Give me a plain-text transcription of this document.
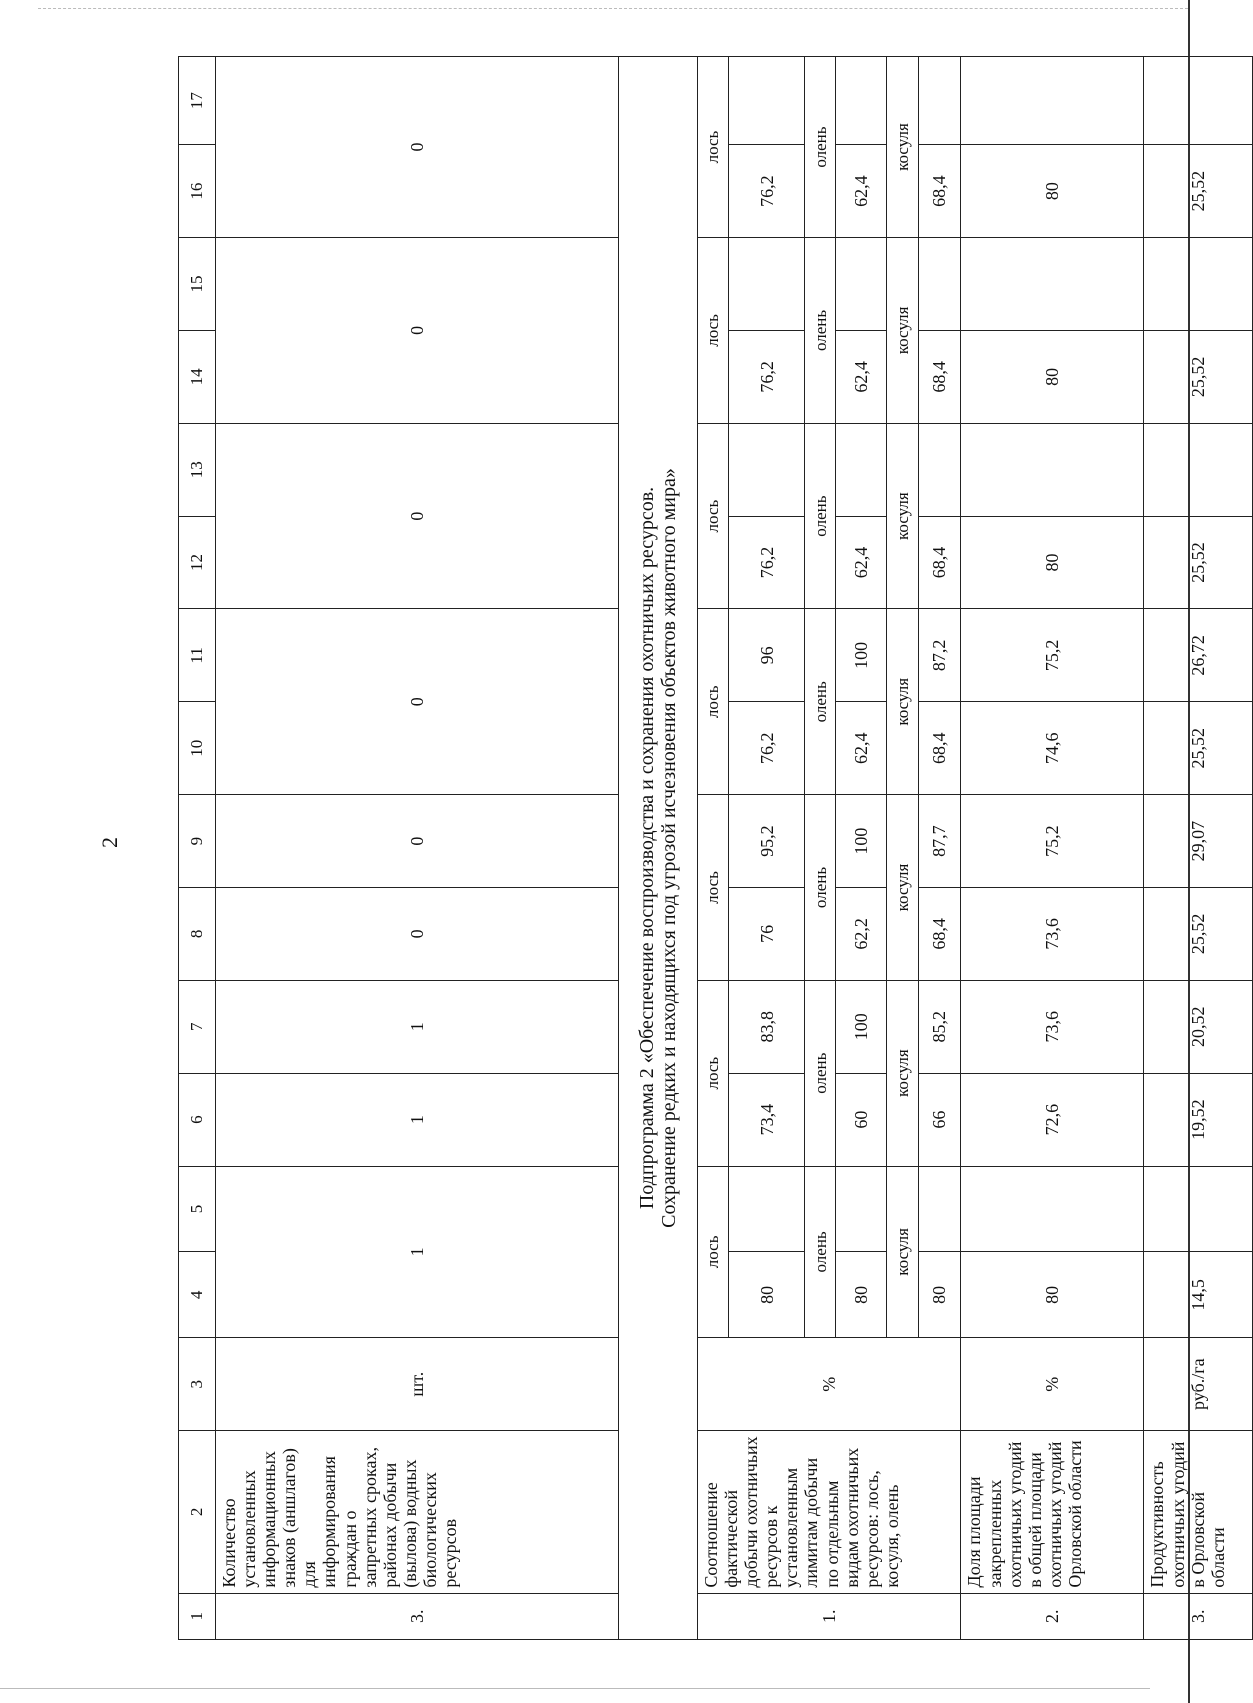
2
1	2	3	4	5	6	7	8	9	10	11	12	13	14	15	16	17
3.	Количество установленных информационных знаков (аншлагов) для информирования граждан о запретных сроках, районах добычи (вылова) водных биологических ресурсов	шт.	1		1	1	0	0	0		0		0		0	

Подпрограмма 2 «Обеспечение воспроизводства и сохранения охотничьих ресурсов. Сохранение редких и находящихся под угрозой исчезновения объектов животного мира»																

1.	Соотношение фактической добычи охотничьих ресурсов к установленным лимитам добычи по отдельным видам охотничьих ресурсов: лось, косуля, олень	%	лось		лось		лось		лось		лось		лось		лось	
			80		73,4	83,8	76	95,2	76,2	96	76,2		76,2		76,2	
			олень		олень		олень		олень		олень		олень		олень	
			80		60	100	62,2	100	62,4	100	62,4		62,4		62,4	
			косуля		косуля		косуля		косуля		косуля		косуля		косуля	
			80		66	85,2	68,4	87,7	68,4	87,2	68,4		68,4		68,4	
2.	Доля площади закрепленных охотничьих угодий в общей площади охотничьих угодий Орловской области	%	80		72,6	73,6	73,6	75,2	74,6	75,2	80		80		80	
3.	Продуктивность охотничьих угодий в Орловской области	руб./га	14,5		19,52	20,52	25,52	29,07	25,52	26,72	25,52		25,52		25,52	
